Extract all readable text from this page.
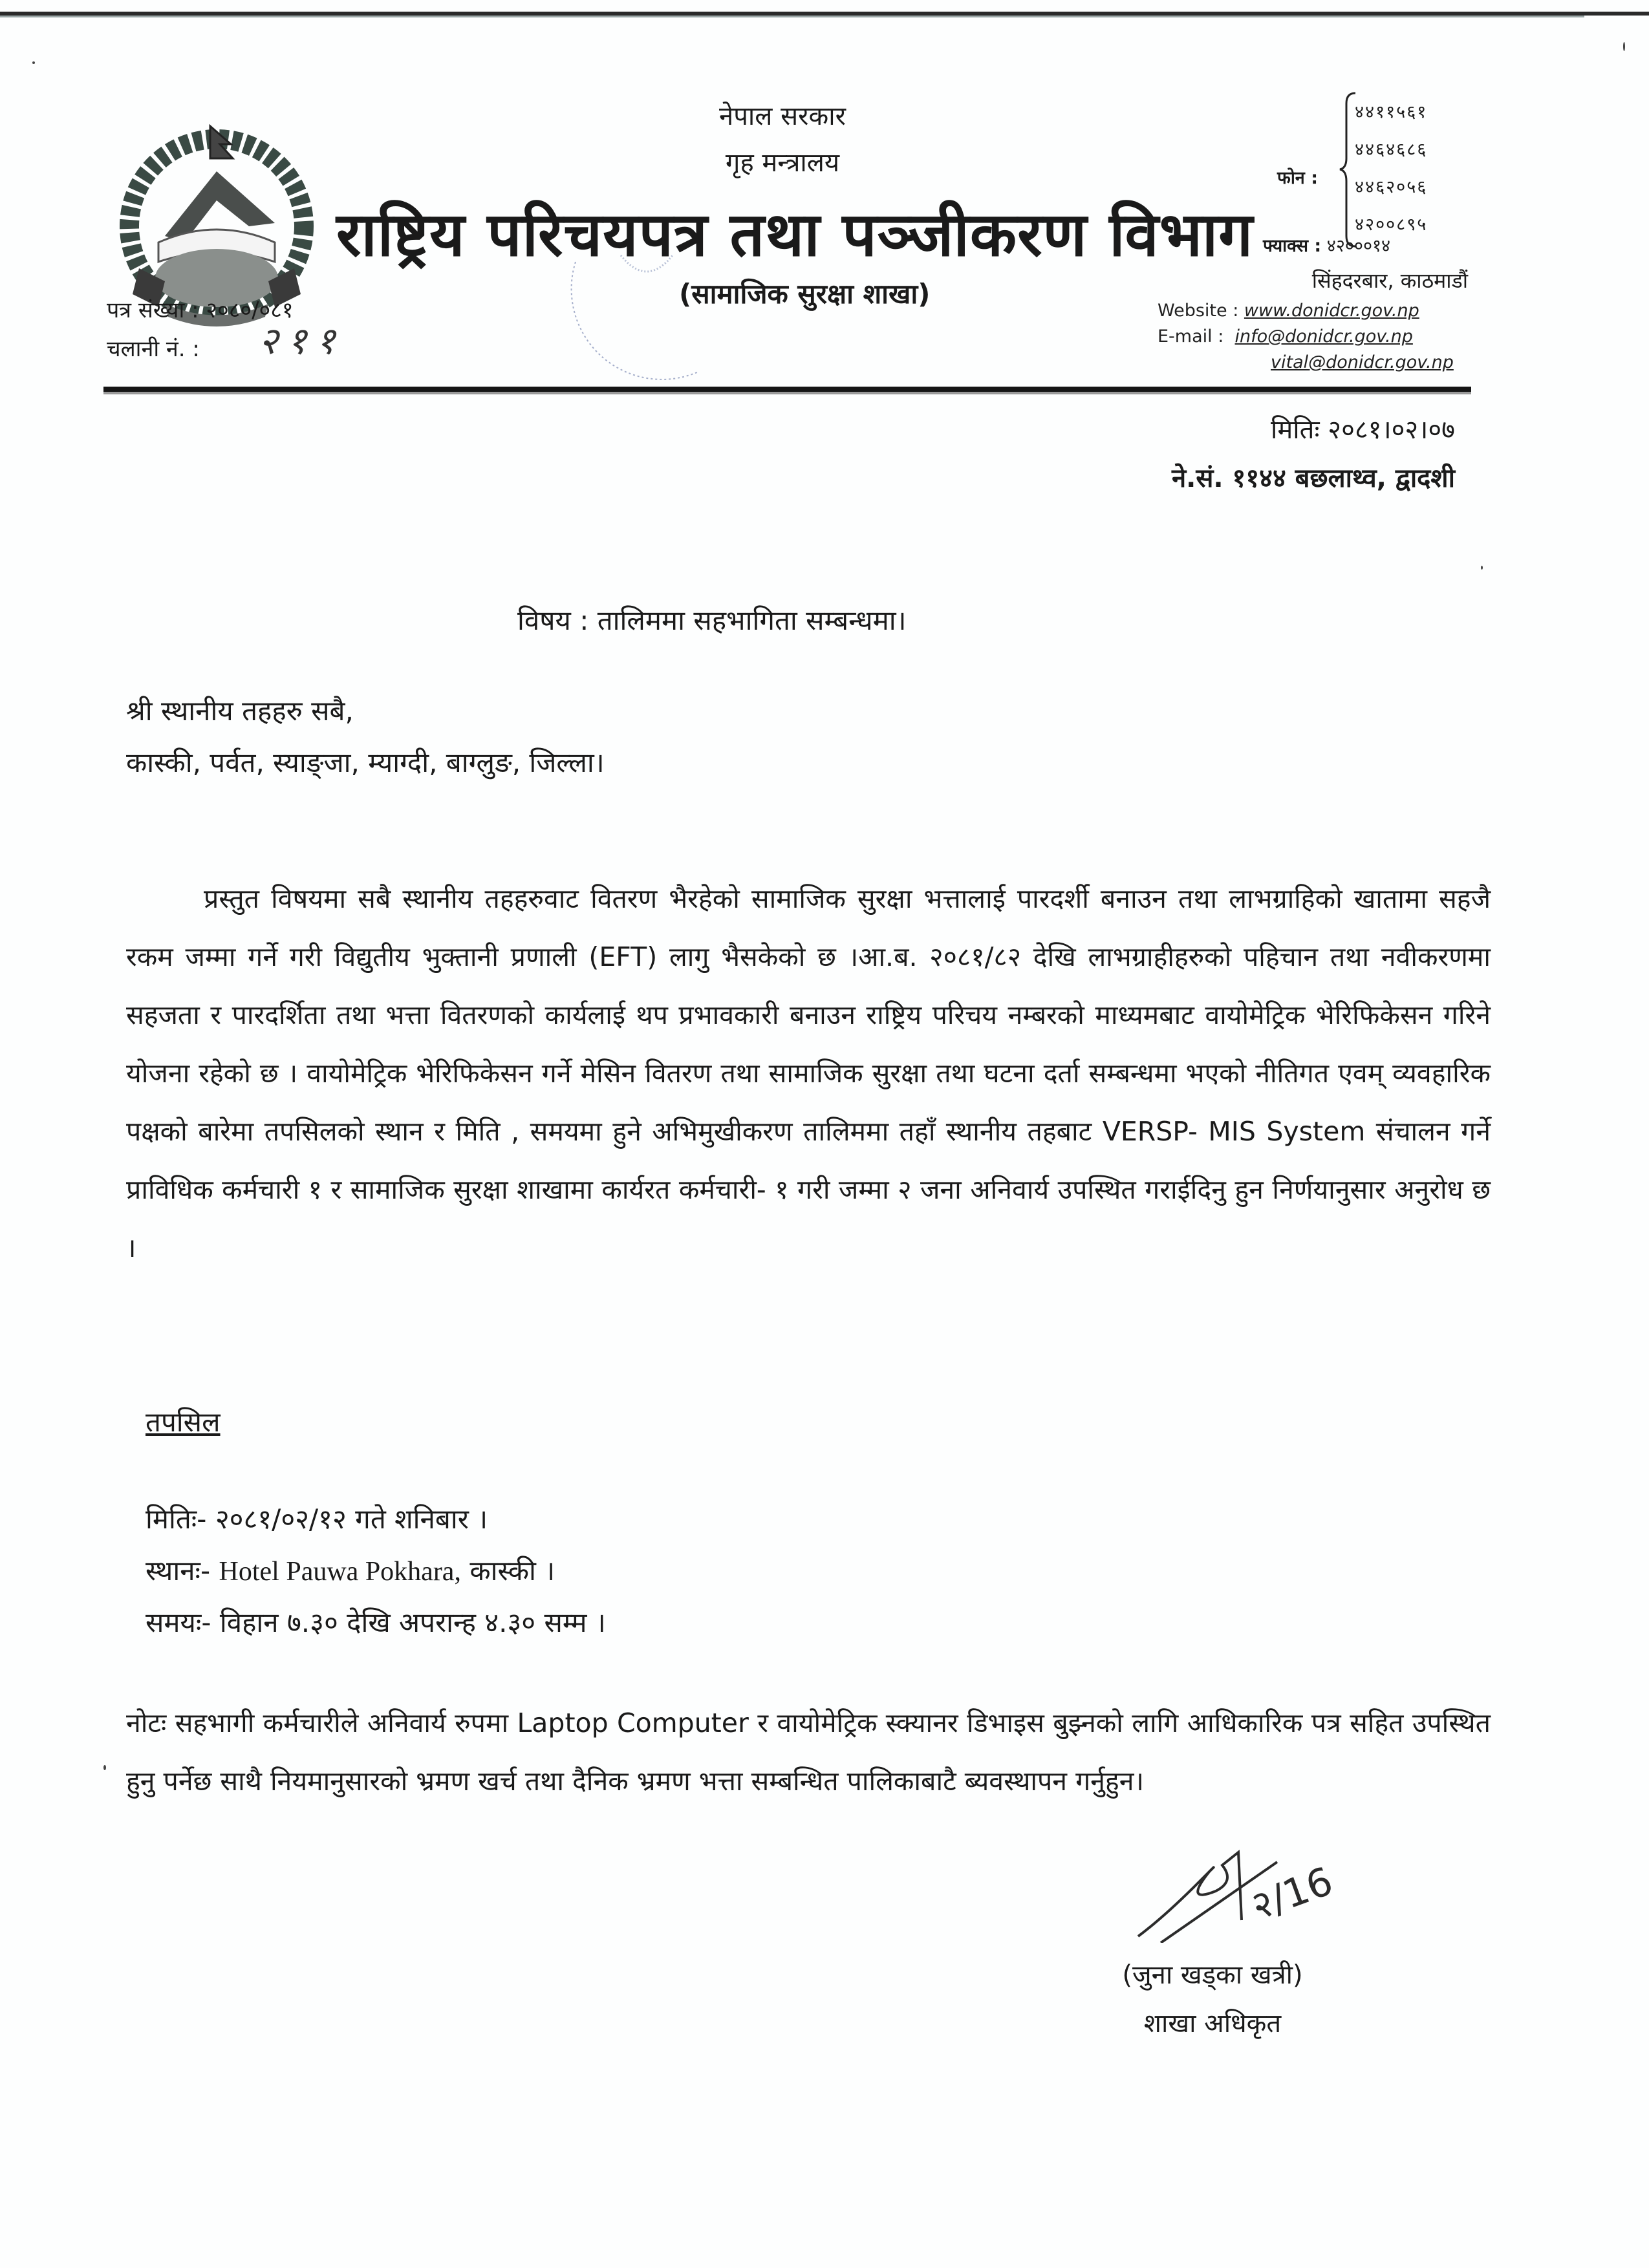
नेपाल सरकार
गृह मन्त्रालय
राष्ट्रिय परिचयपत्र तथा पञ्जीकरण विभाग
(सामाजिक सुरक्षा शाखा)
पत्र संख्या : २०८०/०८१
चलानी नं. : २११
फोन :
४४११५६१
४४६४६८६
४४६२०५६
४२००८९५
फ्याक्स : ४२०००१४
सिंहदरबार, काठमाडौं
Website : www.donidcr.gov.np
E-mail : info@donidcr.gov.np
vital@donidcr.gov.np
मितिः २०८१।०२।०७
ने.सं. ११४४ बछलाथ्व, द्वादशी
विषय : तालिममा सहभागिता सम्बन्धमा।
श्री स्थानीय तहहरु सबै,
कास्की, पर्वत, स्याङ्जा, म्याग्दी, बाग्लुङ, जिल्ला।
प्रस्तुत विषयमा सबै स्थानीय तहहरुवाट वितरण भैरहेको सामाजिक सुरक्षा भत्तालाई पारदर्शी बनाउन तथा लाभग्राहिको खातामा सहजै रकम जम्मा गर्ने गरी विद्युतीय भुक्तानी प्रणाली (EFT) लागु भैसकेको छ ।आ.ब. २०८१/८२ देखि लाभग्राहीहरुको पहिचान तथा नवीकरणमा सहजता र पारदर्शिता तथा भत्ता वितरणको कार्यलाई थप प्रभावकारी बनाउन राष्ट्रिय परिचय नम्बरको माध्यमबाट वायोमेट्रिक भेरिफिकेसन गरिने योजना रहेको छ । वायोमेट्रिक भेरिफिकेसन गर्ने मेसिन वितरण तथा सामाजिक सुरक्षा तथा घटना दर्ता सम्बन्धमा भएको नीतिगत एवम् व्यवहारिक पक्षको बारेमा तपसिलको स्थान र मिति , समयमा हुने अभिमुखीकरण तालिममा तहाँ स्थानीय तहबाट VERSP- MIS System संचालन गर्ने प्राविधिक कर्मचारी १ र सामाजिक सुरक्षा शाखामा कार्यरत कर्मचारी- १ गरी जम्मा २ जना अनिवार्य उपस्थित गराईदिनु हुन निर्णयानुसार अनुरोध छ ।
तपसिल
मितिः- २०८१/०२/१२ गते शनिबार ।
स्थानः- Hotel Pauwa Pokhara, कास्की ।
समयः- विहान ७.३० देखि अपरान्ह ४.३० सम्म ।
नोटः सहभागी कर्मचारीले अनिवार्य रुपमा Laptop Computer र वायोमेट्रिक स्क्यानर डिभाइस बुझ्नको लागि आधिकारिक पत्र सहित उपस्थित हुनु पर्नेछ साथै नियमानुसारको भ्रमण खर्च तथा दैनिक भ्रमण भत्ता सम्बन्धित पालिकाबाटै ब्यवस्थापन गर्नुहुन।
२/16
(जुना खड्का खत्री)
शाखा अधिकृत
